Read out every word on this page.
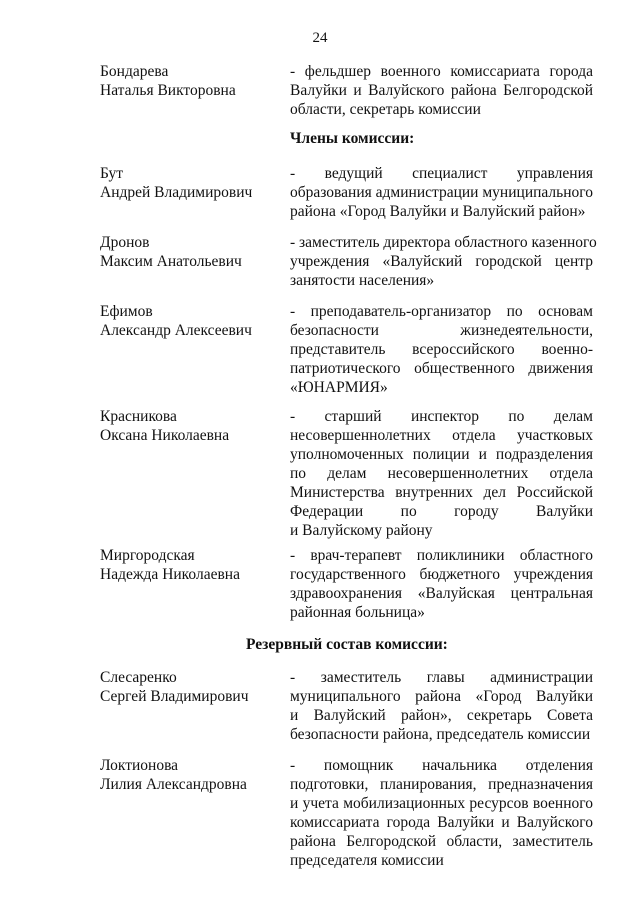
24
Бондарева
Наталья Викторовна
- фельдшер военного комиссариата города
Валуйки и Валуйского района Белгородской
области, секретарь комиссии
Члены комиссии:
Бут
Андрей Владимирович
- ведущий специалист управления
образования администрации муниципального
района «Город Валуйки и Валуйский район»
Дронов
Максим Анатольевич
- заместитель директора областного казенного
учреждения «Валуйский городской центр
занятости населения»
Ефимов
Александр Алексеевич
- преподаватель-организатор по основам
безопасности жизнедеятельности,
представитель всероссийского военно-
патриотического общественного движения
«ЮНАРМИЯ»
Красникова
Оксана Николаевна
- старший инспектор по делам
несовершеннолетних отдела участковых
уполномоченных полиции и подразделения
по делам несовершеннолетних отдела
Министерства внутренних дел Российской
Федерации по городу Валуйки
и Валуйскому району
Миргородская
Надежда Николаевна
- врач-терапевт поликлиники областного
государственного бюджетного учреждения
здравоохранения «Валуйская центральная
районная больница»
Резервный состав комиссии:
Слесаренко
Сергей Владимирович
- заместитель главы администрации
муниципального района «Город Валуйки
и Валуйский район», секретарь Совета
безопасности района, председатель комиссии
Локтионова
Лилия Александровна
- помощник начальника отделения
подготовки, планирования, предназначения
и учета мобилизационных ресурсов военного
комиссариата города Валуйки и Валуйского
района Белгородской области, заместитель
председателя комиссии
